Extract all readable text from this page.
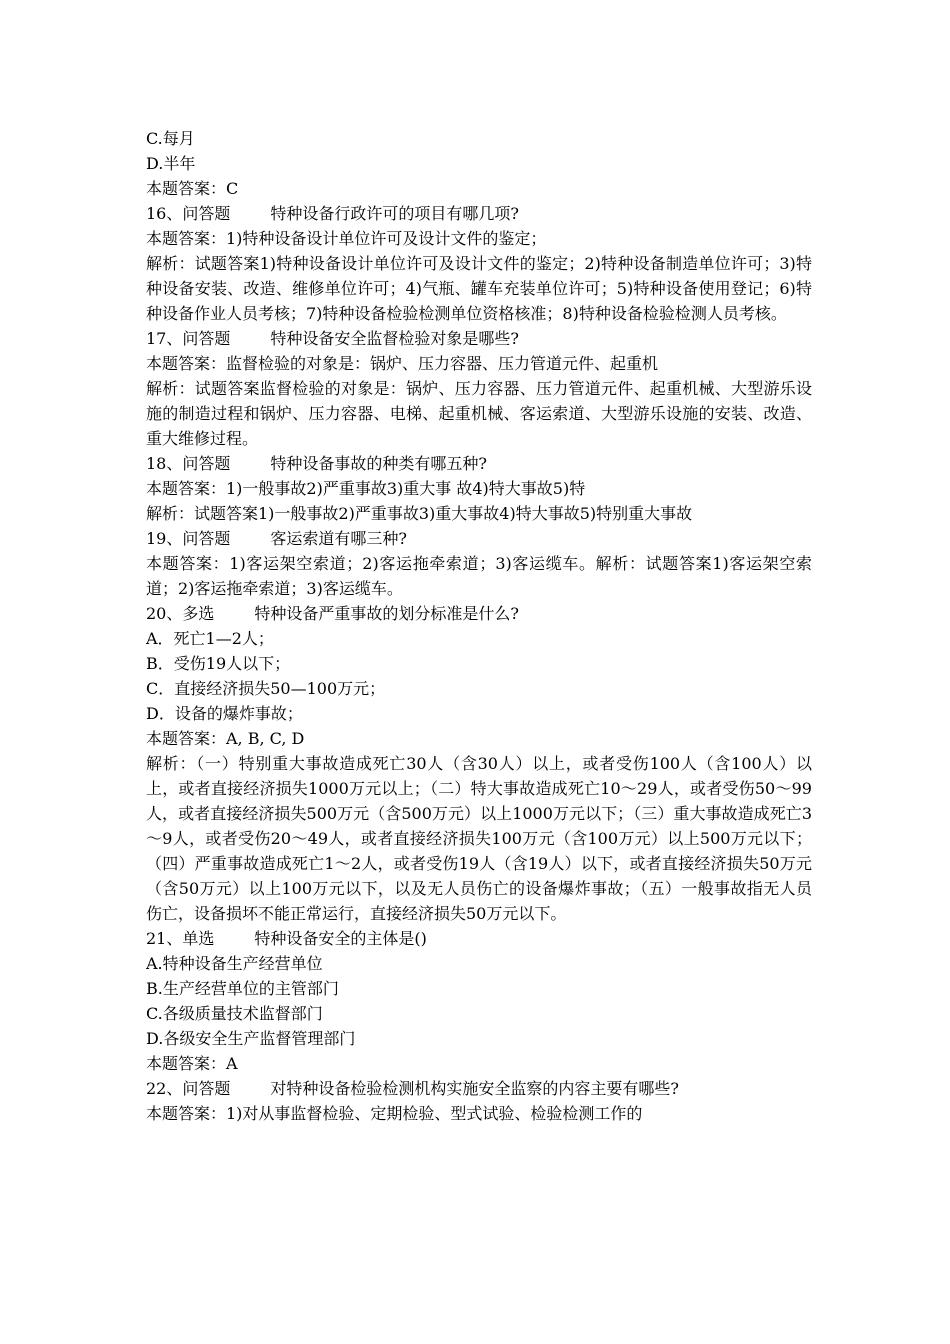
C.每月
D.半年
本题答案：C
16、问答题	特种设备行政许可的项目有哪几项?
本题答案：1)特种设备设计单位许可及设计文件的鉴定；
解析：试题答案1)特种设备设计单位许可及设计文件的鉴定；2)特种设备制造单位许可；3)特种设备安装、改造、维修单位许可；4)气瓶、罐车充装单位许可；5)特种设备使用登记；6)特种设备作业人员考核；7)特种设备检验检测单位资格核准；8)特种设备检验检测人员考核。
17、问答题	特种设备安全监督检验对象是哪些?
本题答案：监督检验的对象是：锅炉、压力容器、压力管道元件、起重机
解析：试题答案监督检验的对象是：锅炉、压力容器、压力管道元件、起重机械、大型游乐设施的制造过程和锅炉、压力容器、电梯、起重机械、客运索道、大型游乐设施的安装、改造、重大维修过程。
18、问答题	特种设备事故的种类有哪五种?
本题答案：1)一般事故2)严重事故3)重大事 故4)特大事故5)特
解析：试题答案1)一般事故2)严重事故3)重大事故4)特大事故5)特别重大事故
19、问答题	客运索道有哪三种?
本题答案：1)客运架空索道；2)客运拖牵索道；3)客运缆车。解析：试题答案1)客运架空索道；2)客运拖牵索道；3)客运缆车。
20、多选	特种设备严重事故的划分标准是什么?
A．死亡1—2人；
B．受伤19人以下；
C．直接经济损失50—100万元；
D．设备的爆炸事故；
本题答案：A, B, C, D
解析：（一）特别重大事故造成死亡30人（含30人）以上，或者受伤100人（含100人）以上，或者直接经济损失1000万元以上；（二）特大事故造成死亡10～29人，或者受伤50～99人，或者直接经济损失500万元（含500万元）以上1000万元以下；（三）重大事故造成死亡3～9人，或者受伤20～49人，或者直接经济损失100万元（含100万元）以上500万元以下；（四）严重事故造成死亡1～2人，或者受伤19人（含19人）以下，或者直接经济损失50万元（含50万元）以上100万元以下，以及无人员伤亡的设备爆炸事故；（五）一般事故指无人员伤亡，设备损坏不能正常运行，直接经济损失50万元以下。
21、单选	特种设备安全的主体是()
A.特种设备生产经营单位
B.生产经营单位的主管部门
C.各级质量技术监督部门
D.各级安全生产监督管理部门
本题答案：A
22、问答题	对特种设备检验检测机构实施安全监察的内容主要有哪些?
本题答案：1)对从事监督检验、定期检验、型式试验、检验检测工作的
